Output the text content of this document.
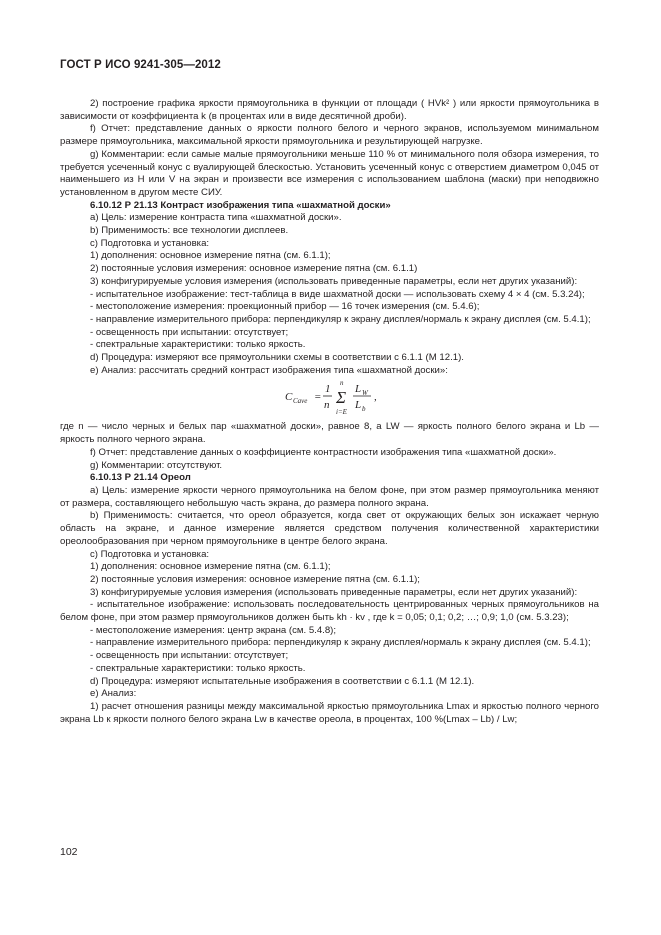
ГОСТ Р ИСО 9241-305—2012

2) построение графика яркости прямоугольника в функции от площади ( HVk² ) или яркости прямоугольника в зависимости от коэффициента k (в процентах или в виде десятичной дроби).

f) Отчет: представление данных о яркости полного белого и черного экранов, используемом минимальном размере прямоугольника, максимальной яркости прямоугольника и результирующей нагрузке.

g) Комментарии: если самые малые прямоугольники меньше 110 % от минимального поля обзора измерения, то требуется усеченный конус с вуалирующей блескостью. Установить усеченный конус с отверстием диаметром 0,045 от наименьшего из H или V на экран и произвести все измерения с использованием шаблона (маски) при неподвижно установленном в другом месте СИУ.

6.10.12 Р 21.13 Контраст изображения типа «шахматной доски»

a) Цель: измерение контраста типа «шахматной доски».

b) Применимость: все технологии дисплеев.

c) Подготовка и установка:

1) дополнения: основное измерение пятна (см. 6.1.1);

2) постоянные условия измерения: основное измерение пятна (см. 6.1.1)

3) конфигурируемые условия измерения (использовать приведенные параметры, если нет других указаний):

- испытательное изображение: тест-таблица в виде шахматной доски — использовать схему 4 × 4 (см. 5.3.24);

- местоположение измерения: проекционный прибор — 16 точек измерения (см. 5.4.6);

- направление измерительного прибора: перпендикуляр к экрану дисплея/нормаль к экрану дисплея (см. 5.4.1);

- освещенность при испытании: отсутствует;

- спектральные характеристики: только яркость.

d) Процедура: измеряют все прямоугольники схемы в соответствии с 6.1.1 (М 12.1).

e) Анализ: рассчитать средний контраст изображения типа «шахматной доски»:

C Cave =
1
n
n
Σ
i=E
L W
L b
,

где n — число черных и белых пар «шахматной доски», равное 8, а LW — яркость полного белого экрана и Lb — яркость полного черного экрана.

f) Отчет: представление данных о коэффициенте контрастности изображения типа «шахматной доски».

g) Комментарии: отсутствуют.

6.10.13 Р 21.14 Ореол

a) Цель: измерение яркости черного прямоугольника на белом фоне, при этом размер прямоугольника меняют от размера, составляющего небольшую часть экрана, до размера полного экрана.

b) Применимость: считается, что ореол образуется, когда свет от окружающих белых зон искажает черную область на экране, и данное измерение является средством получения количественной характеристики ореолообразования при черном прямоугольнике в центре белого экрана.

c) Подготовка и установка:

1) дополнения: основное измерение пятна (см. 6.1.1);

2) постоянные условия измерения: основное измерение пятна (см. 6.1.1);

3) конфигурируемые условия измерения (использовать приведенные параметры, если нет других указаний):

- испытательное изображение: использовать последовательность центрированных черных прямоугольников на белом фоне, при этом размер прямоугольников должен быть kh · kv , где k = 0,05; 0,1; 0,2; …; 0,9; 1,0 (см. 5.3.23);

- местоположение измерения: центр экрана (см. 5.4.8);

- направление измерительного прибора: перпендикуляр к экрану дисплея/нормаль к экрану дисплея (см. 5.4.1);

- освещенность при испытании: отсутствует;

- спектральные характеристики: только яркость.

d) Процедура: измеряют испытательные изображения в соответствии с 6.1.1 (М 12.1).

e) Анализ:

1) расчет отношения разницы между максимальной яркостью прямоугольника Lmax и яркостью полного черного экрана Lb к яркости полного белого экрана Lw в качестве ореола, в процентах, 100 %(Lmax – Lb) / Lw;

102
